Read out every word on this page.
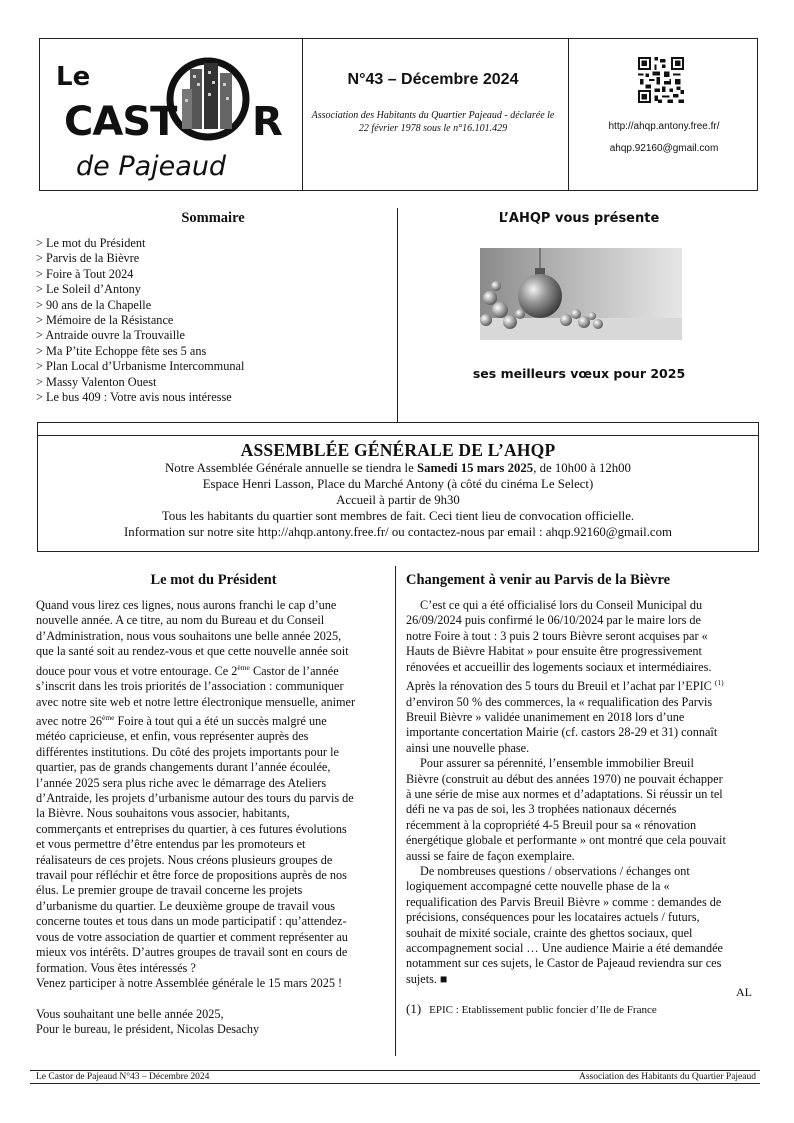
Le
CAST R
de Pajeaud
N°43 – Décembre 2024
Association des Habitants du Quartier Pajeaud - déclarée le
22 février 1978 sous le n°16.101.429	http://ahqp.antony.free.fr/
ahqp.92160@gmail.com
Sommaire
> Le mot du Président
> Parvis de la Bièvre
> Foire à Tout 2024
> Le Soleil d’Antony
> 90 ans de la Chapelle
> Mémoire de la Résistance
> Antraide ouvre la Trouvaille
> Ma P’tite Echoppe fête ses 5 ans
> Plan Local d’Urbanisme Intercommunal
> Massy Valenton Ouest
> Le bus 409 : Votre avis nous intéresse
L’AHQP vous présente
ses meilleurs vœux pour 2025
ASSEMBLÉE GÉNÉRALE DE L’AHQP
Notre Assemblée Générale annuelle se tiendra le Samedi 15 mars 2025, de 10h00 à 12h00
Espace Henri Lasson, Place du Marché Antony (à côté du cinéma Le Select)
Accueil à partir de 9h30
Tous les habitants du quartier sont membres de fait. Ceci tient lieu de convocation officielle.
Information sur notre site http://ahqp.antony.free.fr/ ou contactez-nous par email : ahqp.92160@gmail.com
Le mot du Président	Changement à venir au Parvis de la Bièvre
Quand vous lirez ces lignes, nous aurons franchi le cap d’une
nouvelle année. A ce titre, au nom du Bureau et du Conseil
d’Administration, nous vous souhaitons une belle année 2025,
que la santé soit au rendez-vous et que cette nouvelle année soit
douce pour vous et votre entourage. Ce 2ème Castor de l’année
s’inscrit dans les trois priorités de l’association : communiquer
avec notre site web et notre lettre électronique mensuelle, animer
avec notre 26ème Foire à tout qui a été un succès malgré une
météo capricieuse, et enfin, vous représenter auprès des
différentes institutions. Du côté des projets importants pour le
quartier, pas de grands changements durant l’année écoulée,
l’année 2025 sera plus riche avec le démarrage des Ateliers
d’Antraide, les projets d’urbanisme autour des tours du parvis de
la Bièvre. Nous souhaitons vous associer, habitants,
commerçants et entreprises du quartier, à ces futures évolutions
et vous permettre d’être entendus par les promoteurs et
réalisateurs de ces projets. Nous créons plusieurs groupes de
travail pour réfléchir et être force de propositions auprès de nos
élus. Le premier groupe de travail concerne les projets
d’urbanisme du quartier. Le deuxième groupe de travail vous
concerne toutes et tous dans un mode participatif : qu’attendez-
vous de votre association de quartier et comment représenter au
mieux vos intérêts. D’autres groupes de travail sont en cours de
formation. Vous êtes intéressés ?
Venez participer à notre Assemblée générale le 15 mars 2025 !

Vous souhaitant une belle année 2025,
Pour le bureau, le président, Nicolas Desachy
C’est ce qui a été officialisé lors du Conseil Municipal du
26/09/2024 puis confirmé le 06/10/2024 par le maire lors de
notre Foire à tout : 3 puis 2 tours Bièvre seront acquises par «
Hauts de Bièvre Habitat » pour ensuite être progressivement
rénovées et accueillir des logements sociaux et intermédiaires.
Après la rénovation des 5 tours du Breuil et l’achat par l’EPIC $^{(1)}$
d’environ 50 % des commerces, la « requalification des Parvis
Breuil Bièvre » validée unanimement en 2018 lors d’une
importante concertation Mairie (cf. castors 28-29 et 31) connaît
ainsi une nouvelle phase.
Pour assurer sa pérennité, l’ensemble immobilier Breuil
Bièvre (construit au début des années 1970) ne pouvait échapper
à une série de mise aux normes et d’adaptations. Si réussir un tel
défi ne va pas de soi, les 3 trophées nationaux décernés
récemment à la copropriété 4-5 Breuil pour sa « rénovation
énergétique globale et performante » ont montré que cela pouvait
aussi se faire de façon exemplaire.
De nombreuses questions / observations / échanges ont
logiquement accompagné cette nouvelle phase de la «
requalification des Parvis Breuil Bièvre » comme : demandes de
précisions, conséquences pour les locataires actuels / futurs,
souhait de mixité sociale, crainte des ghettos sociaux, quel
accompagnement social … Une audience Mairie a été demandée
notamment sur ces sujets, le Castor de Pajeaud reviendra sur ces
sujets. ■
AL
(1) EPIC : Etablissement public foncier d’Ile de France
Le Castor de Pajeaud N°43 – Décembre 2024	Association des Habitants du Quartier Pajeaud
